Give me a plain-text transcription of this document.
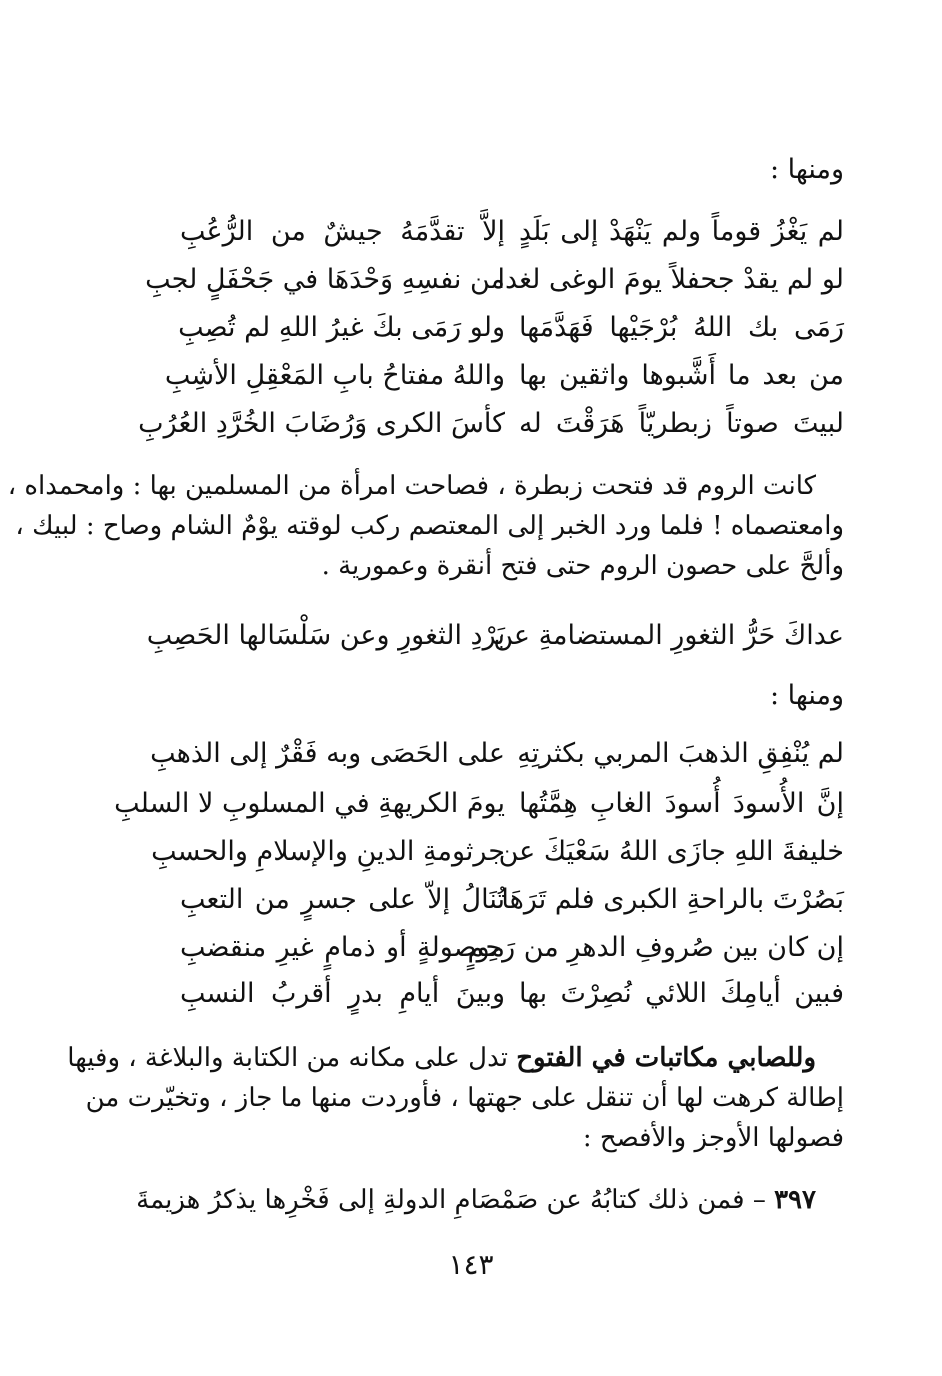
ومنها :
لم يَغْزُ قوماً ولم يَنْهَدْ إلى بَلَدٍ
إلاَّ تقدَّمَهُ جيشٌ من الرُّعُبِ
لو لم يقدْ جحفلاً يومَ الوغى لغدا
من نفسِهِ وَحْدَهَا في جَحْفَلٍ لجبِ
رَمَى بك اللهُ بُرْجَيْها فَهَدَّمَها
ولو رَمَى بكَ غيرُ اللهِ لم تُصِبِ
من بعد ما أَشَّبوها واثقين بها
واللهُ مفتاحُ بابِ المَعْقِلِ الأشِبِ
لبيتَ صوتاً زبطريّاً هَرَقْتَ له
كأسَ الكرى وَرُضَابَ الخُرَّدِ العُرُبِ
كانت الروم قد فتحت زبطرة ، فصاحت امرأة من المسلمين بها : وامحمداه ،
وامعتصماه ! فلما ورد الخبر إلى المعتصم ركب لوقته يوْمٌ الشام وصاح : لبيك ،
وألحَّ على حصون الروم حتى فتح أنقرة وعمورية .
عداكَ حَرُّ الثغورِ المستضامةِ عن
بَرْدِ الثغورِ وعن سَلْسَالها الحَصِبِ
ومنها :
لم يُنْفِقِ الذهبَ المربي بكثرتِهِ
على الحَصَى وبه فَقْرٌ إلى الذهبِ
إنَّ الأُسودَ أُسودَ الغابِ هِمَّتُها
يومَ الكريهةِ في المسلوبِ لا السلبِ
خليفةَ اللهِ جازَى اللهُ سَعْيَكَ عن
جرثومةِ الدينِ والإسلامِ والحسبِ
بَصُرْتَ بالراحةِ الكبرى فلم تَرَهَا
تُنَالُ إلاّ على جسرٍ من التعبِ
إن كان بين صُروفِ الدهرِ من رَحِمٍ
موصولةٍ أو ذمامٍ غيرِ منقضبِ
فبين أيامِكَ اللائي نُصِرْتَ بها
وبينَ أيامِ بدرٍ أقربُ النسبِ
وللصابي مكاتبات في الفتوح تدل على مكانه من الكتابة والبلاغة ، وفيها
إطالة كرهت لها أن تنقل على جهتها ، فأوردت منها ما جاز ، وتخيّرت من
فصولها الأوجز والأفصح :
٣٩٧ – فمن ذلك كتابُهُ عن صَمْصَامِ الدولةِ إلى فَخْرِها يذكرُ هزيمةَ
١٤٣
